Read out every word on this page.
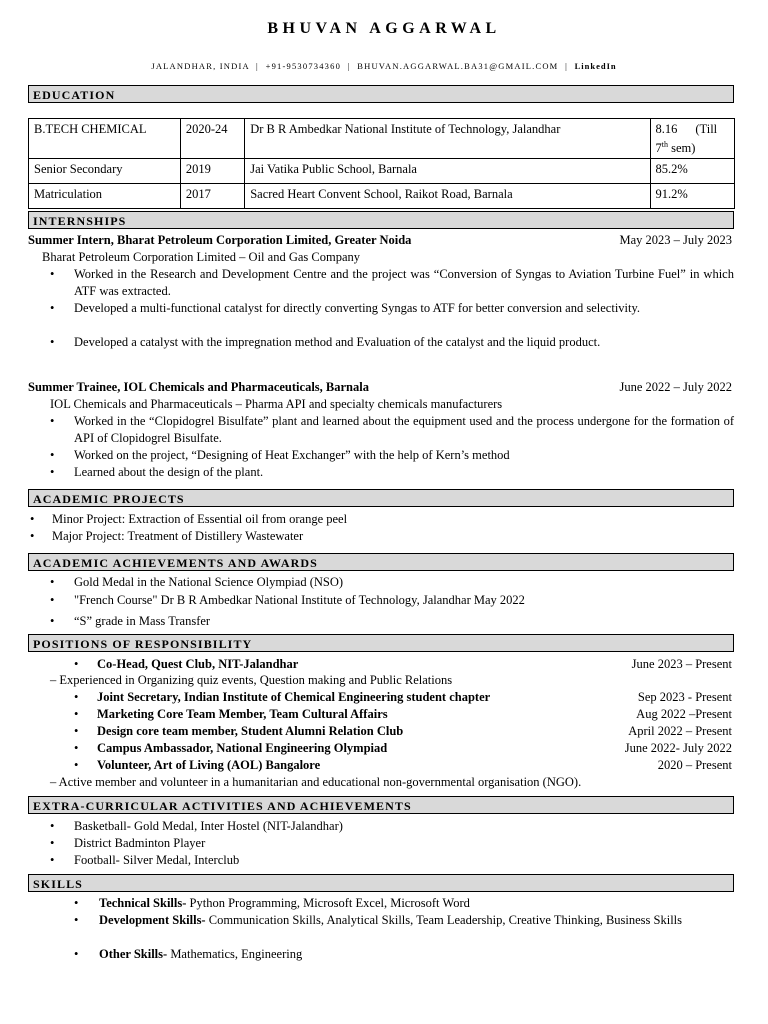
BHUVAN AGGARWAL
JALANDHAR, INDIA | +91-9530734360 | BHUVAN.AGGARWAL.BA31@GMAIL.COM | LinkedIn
EDUCATION
B.TECH CHEMICAL	2020-24	Dr B R Ambedkar National Institute of Technology, Jalandhar	8.16 (Till
7th sem)
Senior Secondary	2019	Jai Vatika Public School, Barnala	85.2%
Matriculation	2017	Sacred Heart Convent School, Raikot Road, Barnala	91.2%
INTERNSHIPS
Summer Intern, Bharat Petroleum Corporation Limited, Greater Noida	May 2023 – July 2023
Bharat Petroleum Corporation Limited – Oil and Gas Company
• Worked in the Research and Development Centre and the project was “Conversion of Syngas to Aviation Turbine Fuel” in which ATF was extracted.
• Developed a multi-functional catalyst for directly converting Syngas to ATF for better conversion and selectivity.
• Developed a catalyst with the impregnation method and Evaluation of the catalyst and the liquid product.
Summer Trainee, IOL Chemicals and Pharmaceuticals, Barnala	June 2022 – July 2022
IOL Chemicals and Pharmaceuticals – Pharma API and specialty chemicals manufacturers
• Worked in the “Clopidogrel Bisulfate” plant and learned about the equipment used and the process undergone for the formation of API of Clopidogrel Bisulfate.
• Worked on the project, “Designing of Heat Exchanger” with the help of Kern’s method
• Learned about the design of the plant.
ACADEMIC PROJECTS
• Minor Project: Extraction of Essential oil from orange peel
• Major Project: Treatment of Distillery Wastewater
ACADEMIC ACHIEVEMENTS AND AWARDS
• Gold Medal in the National Science Olympiad (NSO)
• "French Course" Dr B R Ambedkar National Institute of Technology, Jalandhar May 2022
• “S” grade in Mass Transfer
POSITIONS OF RESPONSIBILITY
• Co-Head, Quest Club, NIT-Jalandhar	June 2023 – Present
– Experienced in Organizing quiz events, Question making and Public Relations
• Joint Secretary, Indian Institute of Chemical Engineering student chapter	Sep 2023 - Present
• Marketing Core Team Member, Team Cultural Affairs	Aug 2022 –Present
• Design core team member, Student Alumni Relation Club	April 2022 – Present
• Campus Ambassador, National Engineering Olympiad	June 2022- July 2022
• Volunteer, Art of Living (AOL) Bangalore	2020 – Present
– Active member and volunteer in a humanitarian and educational non-governmental organisation (NGO).
EXTRA-CURRICULAR ACTIVITIES AND ACHIEVEMENTS
• Basketball- Gold Medal, Inter Hostel (NIT-Jalandhar)
• District Badminton Player
• Football- Silver Medal, Interclub
SKILLS
• Technical Skills- Python Programming, Microsoft Excel, Microsoft Word
• Development Skills- Communication Skills, Analytical Skills, Team Leadership, Creative Thinking, Business Skills
• Other Skills- Mathematics, Engineering
